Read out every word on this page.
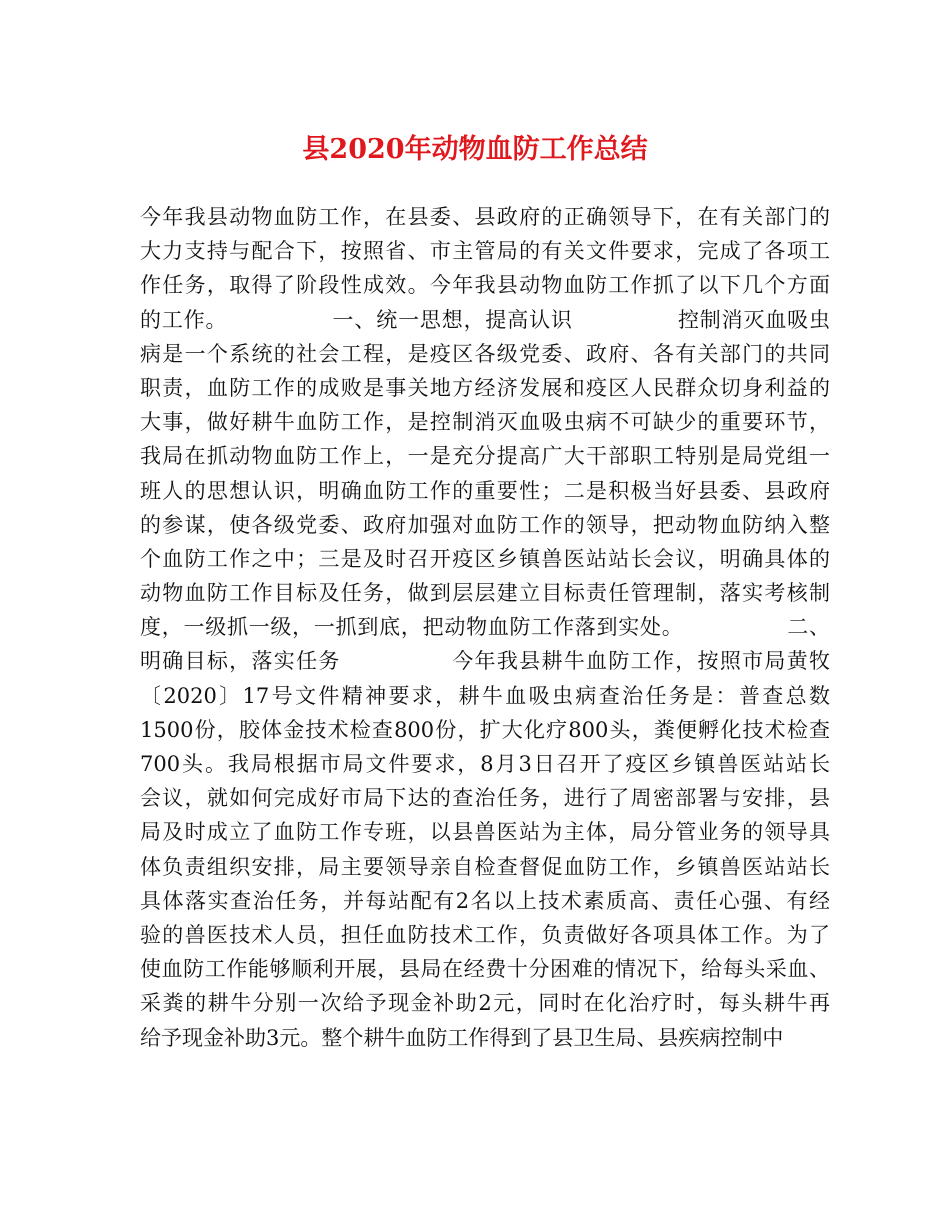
县2020年动物血防工作总结
今年我县动物血防工作，在县委、县政府的正确领导下，在有关部门的
大力支持与配合下，按照省、市主管局的有关文件要求，完成了各项工
作任务，取得了阶段性成效。今年我县动物血防工作抓了以下几个方面
的工作。              一、统一思想，提高认识              控制消灭血吸虫
病是一个系统的社会工程，是疫区各级党委、政府、各有关部门的共同
职责，血防工作的成败是事关地方经济发展和疫区人民群众切身利益的
大事，做好耕牛血防工作，是控制消灭血吸虫病不可缺少的重要环节，
我局在抓动物血防工作上，一是充分提高广大干部职工特别是局党组一
班人的思想认识，明确血防工作的重要性；二是积极当好县委、县政府
的参谋，使各级党委、政府加强对血防工作的领导，把动物血防纳入整
个血防工作之中；三是及时召开疫区乡镇兽医站站长会议，明确具体的
动物血防工作目标及任务，做到层层建立目标责任管理制，落实考核制
度，一级抓一级，一抓到底，把动物血防工作落到实处。              二、
明确目标，落实任务              今年我县耕牛血防工作，按照市局黄牧
〔2020〕17号文件精神要求，耕牛血吸虫病查治任务是：普查总数
1500份，胶体金技术检查800份，扩大化疗800头，粪便孵化技术检查
700头。我局根据市局文件要求，8月3日召开了疫区乡镇兽医站站长
会议，就如何完成好市局下达的查治任务，进行了周密部署与安排，县
局及时成立了血防工作专班，以县兽医站为主体，局分管业务的领导具
体负责组织安排，局主要领导亲自检查督促血防工作，乡镇兽医站站长
具体落实查治任务，并每站配有2名以上技术素质高、责任心强、有经
验的兽医技术人员，担任血防技术工作，负责做好各项具体工作。为了
使血防工作能够顺利开展，县局在经费十分困难的情况下，给每头采血、
采粪的耕牛分别一次给予现金补助2元，同时在化治疗时，每头耕牛再
给予现金补助3元。整个耕牛血防工作得到了县卫生局、县疾病控制中
